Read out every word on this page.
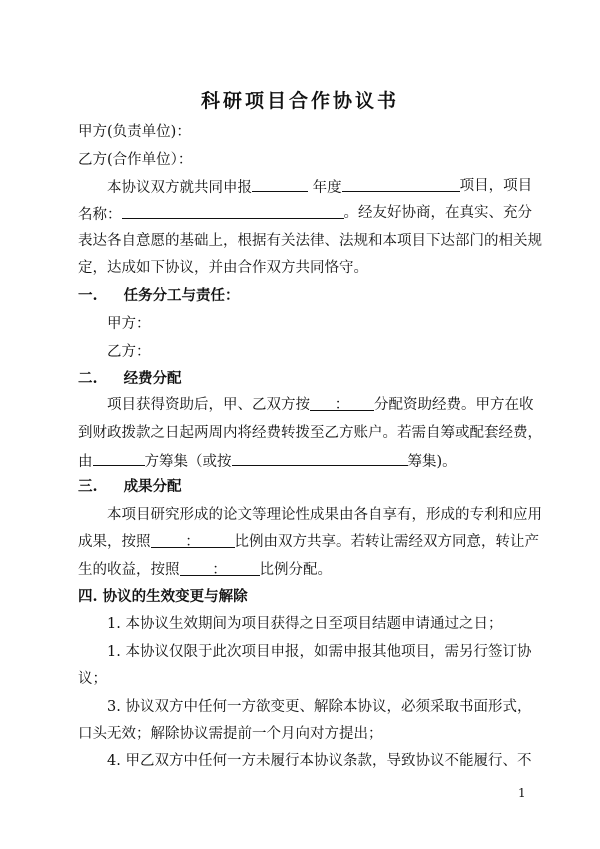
科研项目合作协议书
甲方(负责单位)：
乙方(合作单位）：
本协议双方就共同申报	年度	项目，项目
名称：	。经友好协商，在真实、充分
表达各自意愿的基础上，根据有关法律、法规和本项目下达部门的相关规
定，达成如下协议，并由合作双方共同恪守。
一. 任务分工与责任：
甲方：
乙方：
二. 经费分配
项目获得资助后，甲、乙双方按 ：	分配资助经费。甲方在收
到财政拨款之日起两周内将经费转拨至乙方账户。若需自筹或配套经费，
由	方筹集（或按	筹集)。
三. 成果分配
本项目研究形成的论文等理论性成果由各自享有，形成的专利和应用
成果，按照 ：	比例由双方共享。若转让需经双方同意，转让产
生的收益，按照 ： 比例分配。
四. 协议的生效变更与解除
1. 本协议生效期间为项目获得之日至项目结题申请通过之日；
1. 本协议仅限于此次项目申报，如需申报其他项目，需另行签订协
议；
3. 协议双方中任何一方欲变更、解除本协议，必须采取书面形式，
口头无效；解除协议需提前一个月向对方提出；
4. 甲乙双方中任何一方未履行本协议条款，导致协议不能履行、不
1
